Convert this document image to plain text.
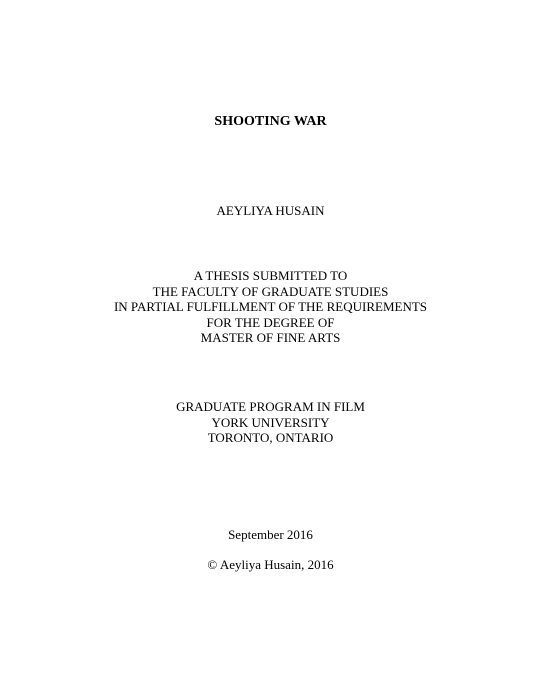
SHOOTING WAR
AEYLIYA HUSAIN
A THESIS SUBMITTED TO
THE FACULTY OF GRADUATE STUDIES
IN PARTIAL FULFILLMENT OF THE REQUIREMENTS
FOR THE DEGREE OF
MASTER OF FINE ARTS
GRADUATE PROGRAM IN FILM
YORK UNIVERSITY
TORONTO, ONTARIO
September 2016
© Aeyliya Husain, 2016
